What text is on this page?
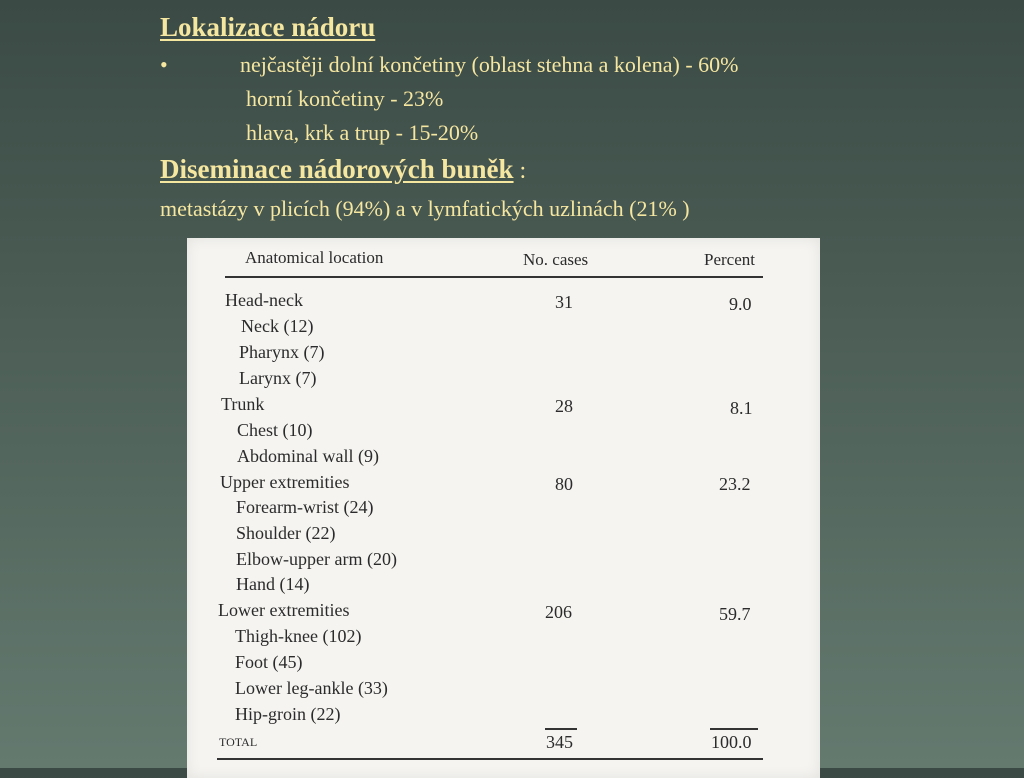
Lokalizace nádoru
•	nejčastěji dolní končetiny (oblast stehna a kolena) - 60%
horní končetiny - 23%
hlava, krk a trup - 15-20%
Diseminace nádorových buněk :
metastázy v plicích (94%) a v lymfatických uzlinách (21% )
Anatomical location	No. cases	Percent
Head-neck	31	9.0
Neck (12)
Pharynx (7)
Larynx (7)
Trunk	28	8.1
Chest (10)
Abdominal wall (9)
Upper extremities	80	23.2
Forearm-wrist (24)
Shoulder (22)
Elbow-upper arm (20)
Hand (14)
Lower extremities	206	59.7
Thigh-knee (102)
Foot (45)
Lower leg-ankle (33)
Hip-groin (22)
TOTAL	345	100.0
